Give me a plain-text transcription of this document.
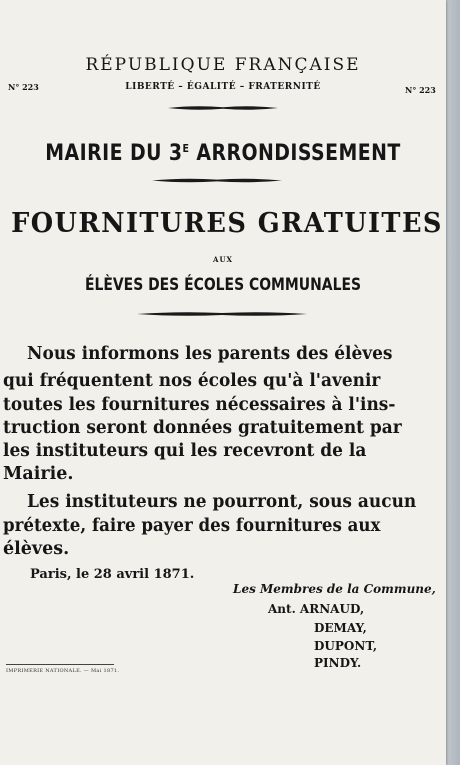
N° 223
RÉPUBLIQUE FRANÇAISE
LIBERTÉ – ÉGALITÉ – FRATERNITÉ	N° 223
MAIRIE DU $3^E$ ARRONDISSEMENT
FOURNITURES GRATUITES
AUX
ÉLÈVES DES ÉCOLES COMMUNALES
Nous informons les parents des élèves
qui fréquentent nos écoles qu'à l'avenir
toutes les fournitures nécessaires à l'ins-
truction seront données gratuitement par
les instituteurs qui les recevront de la
Mairie.
Les instituteurs ne pourront, sous aucun
prétexte, faire payer des fournitures aux
élèves.
Paris, le 28 avril 1871.
Les Membres de la Commune,
Ant. ARNAUD,
DEMAY,
DUPONT,
PINDY.
IMPRIMERIE NATIONALE. — Mai 1871.
